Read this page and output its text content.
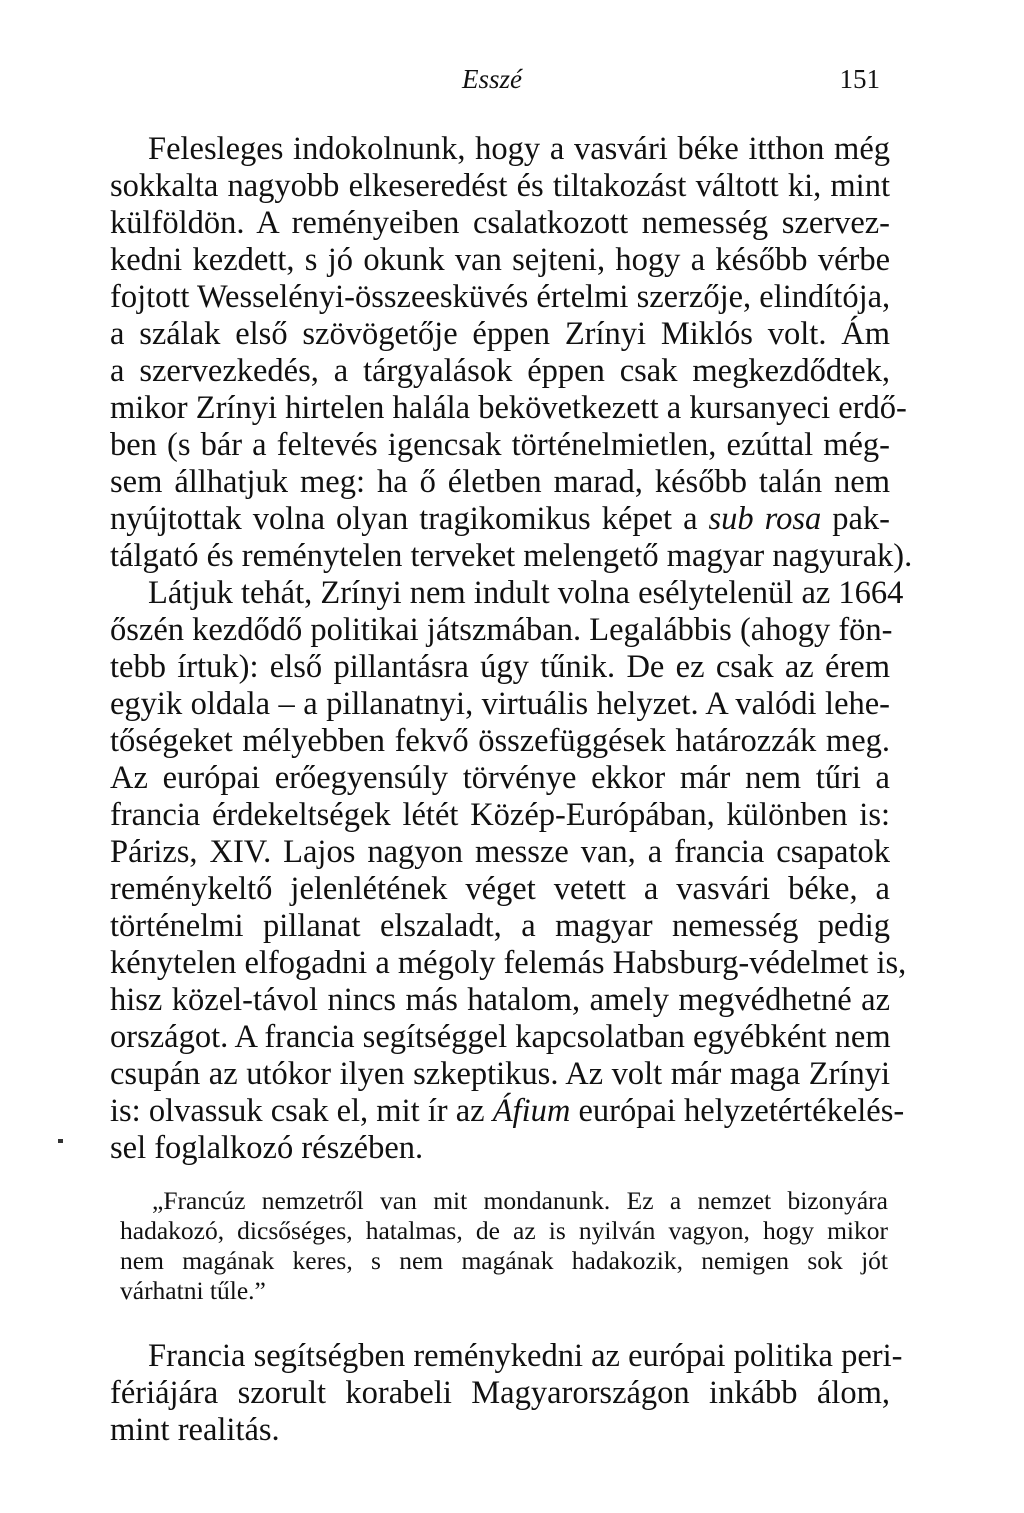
Esszé	151
Felesleges indokolnunk, hogy a vasvári béke itthon még
sokkalta nagyobb elkeseredést és tiltakozást váltott ki, mint
külföldön. A reményeiben csalatkozott nemesség szervez-
kedni kezdett, s jó okunk van sejteni, hogy a később vérbe
fojtott Wesselényi-összeesküvés értelmi szerzője, elindítója,
a szálak első szövögetője éppen Zrínyi Miklós volt. Ám
a szervezkedés, a tárgyalások éppen csak megkezdődtek,
mikor Zrínyi hirtelen halála bekövetkezett a kursanyeci erdő-
ben (s bár a feltevés igencsak történelmietlen, ezúttal még-
sem állhatjuk meg: ha ő életben marad, később talán nem
nyújtottak volna olyan tragikomikus képet a sub rosa pak-
tálgató és reménytelen terveket melengető magyar nagyurak).
Látjuk tehát, Zrínyi nem indult volna esélytelenül az 1664
őszén kezdődő politikai játszmában. Legalábbis (ahogy fön-
tebb írtuk): első pillantásra úgy tűnik. De ez csak az érem
egyik oldala – a pillanatnyi, virtuális helyzet. A valódi lehe-
tőségeket mélyebben fekvő összefüggések határozzák meg.
Az európai erőegyensúly törvénye ekkor már nem tűri a
francia érdekeltségek létét Közép-Európában, különben is:
Párizs, XIV. Lajos nagyon messze van, a francia csapatok
reménykeltő jelenlétének véget vetett a vasvári béke, a
történelmi pillanat elszaladt, a magyar nemesség pedig
kénytelen elfogadni a mégoly felemás Habsburg-védelmet is,
hisz közel-távol nincs más hatalom, amely megvédhetné az
országot. A francia segítséggel kapcsolatban egyébként nem
csupán az utókor ilyen szkeptikus. Az volt már maga Zrínyi
is: olvassuk csak el, mit ír az Áfium európai helyzetértékelés-
sel foglalkozó részében.
„Francúz nemzetről van mit mondanunk. Ez a nemzet bizonyára
hadakozó, dicsőséges, hatalmas, de az is nyilván vagyon, hogy mikor
nem magának keres, s nem magának hadakozik, nemigen sok jót
várhatni tűle.”
Francia segítségben reménykedni az európai politika peri-
fériájára szorult korabeli Magyarországon inkább álom,
mint realitás.
